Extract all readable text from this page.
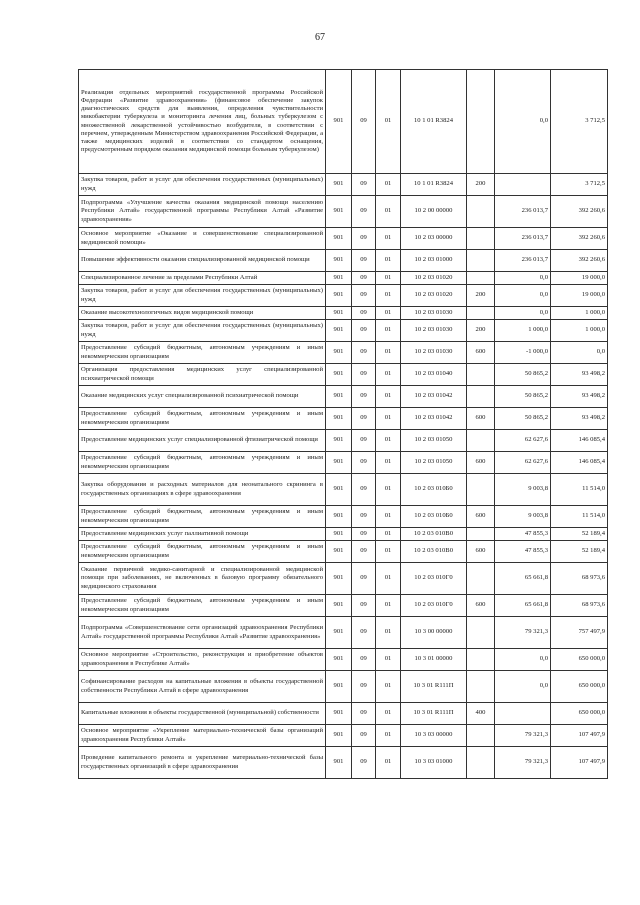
67
Реализация отдельных мероприятий государственной программы Российской Федерации «Развитие здравоохранения» (финансовое обеспечение закупок диагностических средств для выявления, определения чувствительности микобактерии туберкулеза и мониторинга лечения лиц, больных туберкулезом с множественной лекарственной устойчивостью возбудителя, в соответствии с перечнем, утвержденным Министерством здравоохранения Российской Федерации, а также медицинских изделий в соответствии со стандартом оснащения, предусмотренным порядком оказания медицинской помощи больным туберкулезом)	901	09	01	10 1 01 R3824		0,0	3 712,5
Закупка товаров, работ и услуг для обеспечения государственных (муниципальных) нужд	901	09	01	10 1 01 R3824	200		3 712,5
Подпрограмма «Улучшение качества оказания медицинской помощи населению Республики Алтай» государственной программы Республики Алтай «Развитие здравоохранения»	901	09	01	10 2 00 00000		236 013,7	392 260,6
Основное мероприятие «Оказание и совершенствование специализированной медицинской помощи»	901	09	01	10 2 03 00000		236 013,7	392 260,6
Повышение эффективности оказания специализированной медицинской помощи	901	09	01	10 2 03 01000		236 013,7	392 260,6
Специализированное лечение за пределами Республики Алтай	901	09	01	10 2 03 01020		0,0	19 000,0
Закупка товаров, работ и услуг для обеспечения государственных (муниципальных) нужд	901	09	01	10 2 03 01020	200	0,0	19 000,0
Оказание высокотехнологичных видов медицинской помощи	901	09	01	10 2 03 01030		0,0	1 000,0
Закупка товаров, работ и услуг для обеспечения государственных (муниципальных) нужд	901	09	01	10 2 03 01030	200	1 000,0	1 000,0
Предоставление субсидий бюджетным, автономным учреждениям и иным некоммерческим организациям	901	09	01	10 2 03 01030	600	-1 000,0	0,0
Организация предоставления медицинских услуг специализированной психиатрической помощи	901	09	01	10 2 03 01040		50 865,2	93 498,2
Оказание медицинских услуг специализированной психиатрической помощи	901	09	01	10 2 03 01042		50 865,2	93 498,2
Предоставление субсидий бюджетным, автономным учреждениям и иным некоммерческим организациям	901	09	01	10 2 03 01042	600	50 865,2	93 498,2
Предоставление медицинских услуг специализированной фтизиатрической помощи	901	09	01	10 2 03 01050		62 627,6	146 085,4
Предоставление субсидий бюджетным, автономным учреждениям и иным некоммерческим организациям	901	09	01	10 2 03 01050	600	62 627,6	146 085,4
Закупка оборудования и расходных материалов для неонатального скрининга в государственных организациях в сфере здравоохранения	901	09	01	10 2 03 010Б0		9 003,8	11 514,0
Предоставление субсидий бюджетным, автономным учреждениям и иным некоммерческим организациям	901	09	01	10 2 03 010Б0	600	9 003,8	11 514,0
Предоставление медицинских услуг паллиативной помощи	901	09	01	10 2 03 010В0		47 855,3	52 189,4
Предоставление субсидий бюджетным, автономным учреждениям и иным некоммерческим организациям	901	09	01	10 2 03 010В0	600	47 855,3	52 189,4
Оказание первичной медико-санитарной и специализированной медицинской помощи при заболеваниях, не включенных в базовую программу обязательного медицинского страхования	901	09	01	10 2 03 010Г0		65 661,8	68 973,6
Предоставление субсидий бюджетным, автономным учреждениям и иным некоммерческим организациям	901	09	01	10 2 03 010Г0	600	65 661,8	68 973,6
Подпрограмма «Совершенствование сети организаций здравоохранения Республики Алтай» государственной программы Республики Алтай «Развитие здравоохранения»	901	09	01	10 3 00 00000		79 321,3	757 497,9
Основное мероприятие «Строительство, реконструкция и приобретение объектов здравоохранения в Республике Алтай»	901	09	01	10 3 01 00000		0,0	650 000,0
Софинансирование расходов на капитальные вложения в объекты государственной собственности Республики Алтай в сфере здравоохранения	901	09	01	10 3 01 R111П		0,0	650 000,0
Капитальные вложения в объекты государственной (муниципальной) собственности	901	09	01	10 3 01 R111П	400		650 000,0
Основное мероприятие «Укрепление материально-технической базы организаций здравоохранения Республики Алтай»	901	09	01	10 3 03 00000		79 321,3	107 497,9
Проведение капитального ремонта и укрепление материально-технической базы государственных организаций в сфере здравоохранения	901	09	01	10 3 03 01000		79 321,3	107 497,9
